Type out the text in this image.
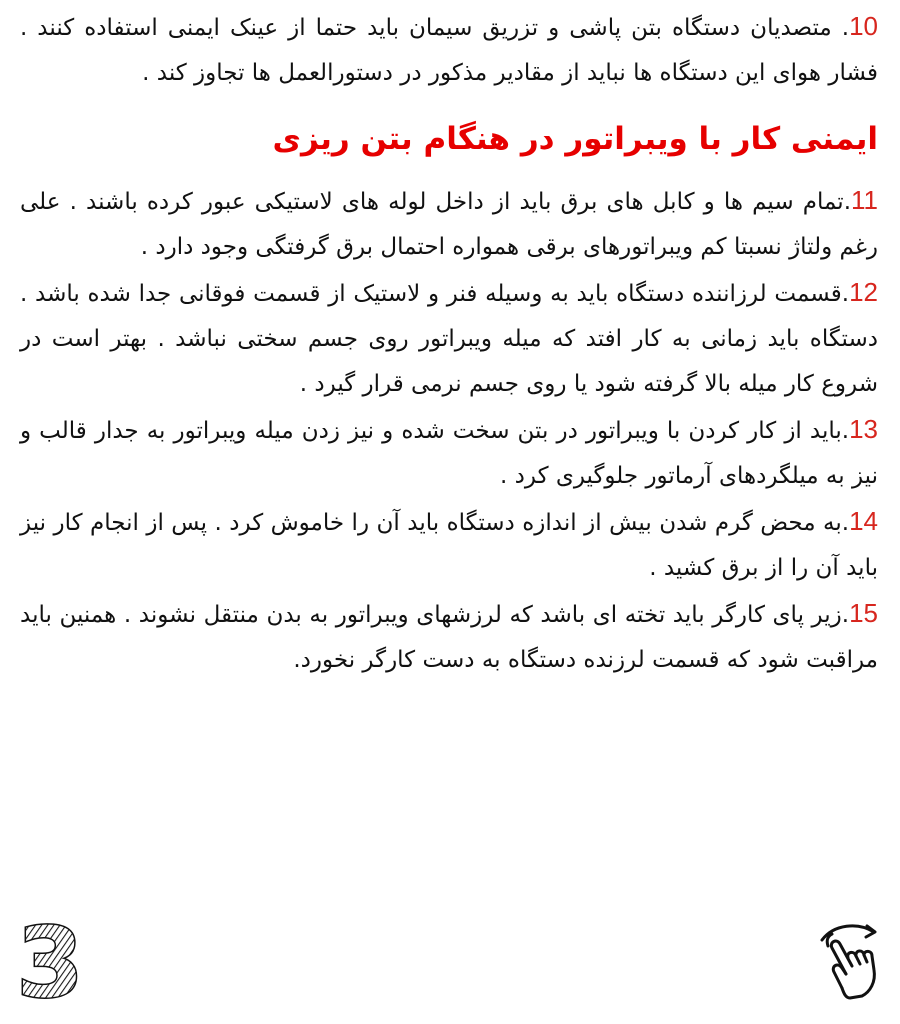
10. متصدیان دستگاه بتن پاشی و تزریق سیمان باید حتما از عینک ایمنی استفاده کنند . فشار هوای این دستگاه ها نباید از مقادیر مذکور در دستورالعمل ها تجاوز کند .

ایمنی کار با ویبراتور در هنگام بتن ریزی

11.تمام سیم ها و کابل های برق باید از داخل لوله های لاستیکی عبور کرده باشند . علی رغم ولتاژ نسبتا کم ویبراتورهای برقی همواره احتمال برق گرفتگی وجود دارد .

12.قسمت لرزاننده دستگاه باید به وسیله فنر و لاستیک از قسمت فوقانی جدا شده باشد . دستگاه باید زمانی به کار افتد که میله ویبراتور روی جسم سختی نباشد . بهتر است در شروع کار میله بالا گرفته شود یا روی جسم نرمی قرار گیرد .

13.باید از کار کردن با ویبراتور در بتن سخت شده و نیز زدن میله ویبراتور به جدار قالب و نیز به میلگردهای آرماتور جلوگیری کرد .

14.به محض گرم شدن بیش از اندازه دستگاه باید آن را خاموش کرد . پس از انجام کار نیز باید آن را از برق کشید .

15.زیر پای کارگر باید تخته ای باشد که لرزشهای ویبراتور به بدن منتقل نشوند . همنین باید مراقبت شود که قسمت لرزنده دستگاه به دست کارگر نخورد.

3
